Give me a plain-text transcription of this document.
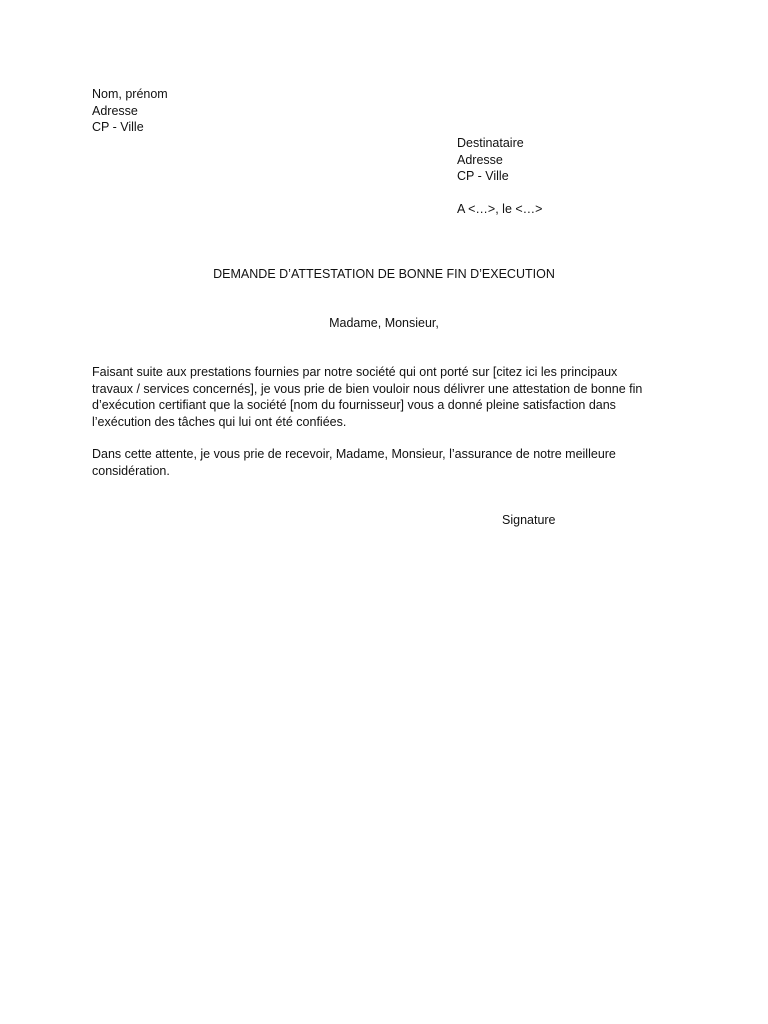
Nom, prénom
Adresse
CP - Ville
Destinataire
Adresse
CP - Ville
A <…>, le <…>
DEMANDE D’ATTESTATION DE BONNE FIN D’EXECUTION
Madame, Monsieur,
Faisant suite aux prestations fournies par notre société qui ont porté sur [citez ici les principaux
travaux / services concernés], je vous prie de bien vouloir nous délivrer une attestation de bonne fin
d’exécution certifiant que la société [nom du fournisseur] vous a donné pleine satisfaction dans
l’exécution des tâches qui lui ont été confiées.
Dans cette attente, je vous prie de recevoir, Madame, Monsieur, l’assurance de notre meilleure
considération.
Signature
